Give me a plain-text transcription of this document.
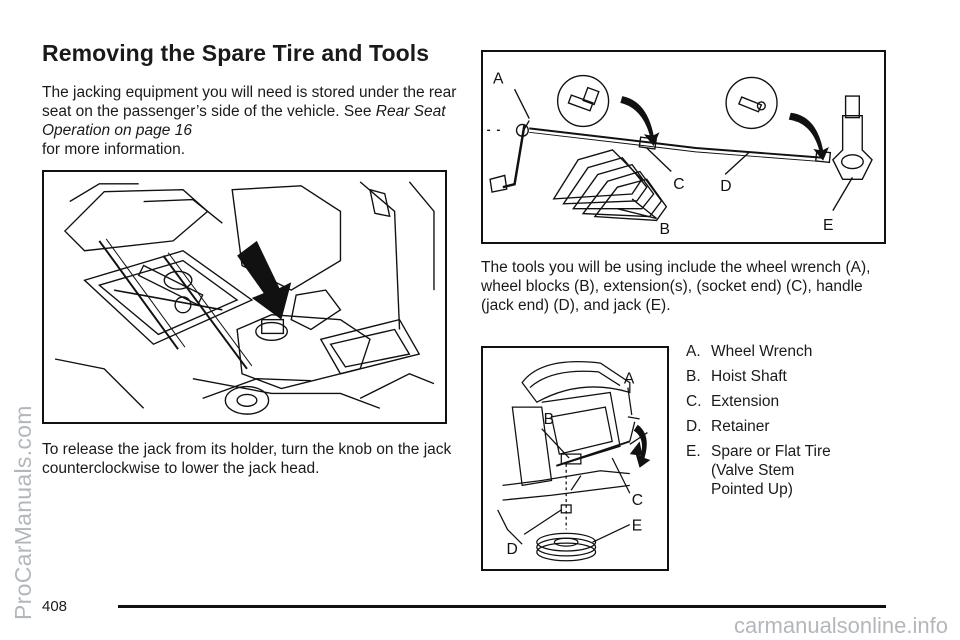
Removing the Spare Tire and Tools

The jacking equipment you will need is stored under the rear seat on the passenger’s side of the vehicle. See Rear Seat Operation on page 16
for more information.

To release the jack from its holder, turn the knob on the jack counterclockwise to lower the jack head.

A
B
C D
E

The tools you will be using include the wheel wrench (A), wheel blocks (B), extension(s), (socket end) (C), handle (jack end) (D), and jack (E).

A
B
C
D
E
A. Wheel Wrench
B. Hoist Shaft
C. Extension
D. Retainer
E. Spare or Flat Tire (Valve Stem Pointed Up)
408
ProCarManuals.com
carmanualsonline.info
